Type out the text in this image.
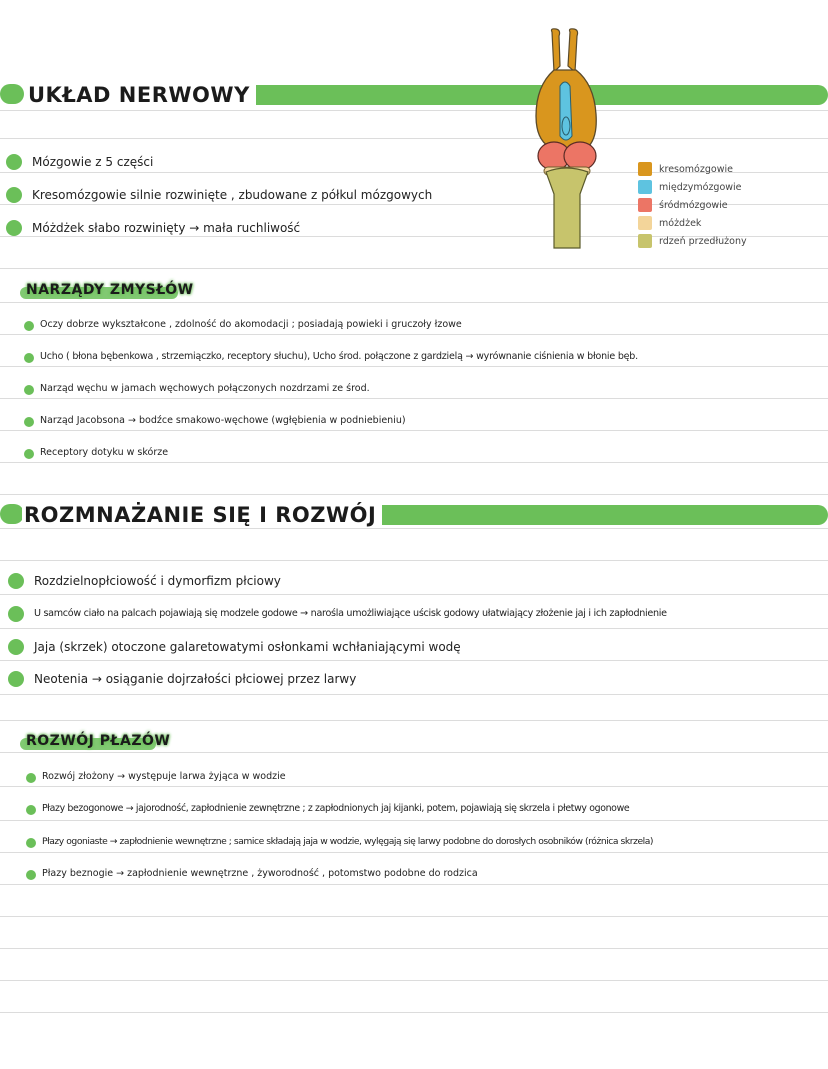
UKŁAD NERWOWY
Mózgowie z 5 części
Kresomózgowie silnie rozwinięte , zbudowane z półkul mózgowych
Móżdżek słabo rozwinięty → mała ruchliwość
kresomózgowie
międzymózgowie
śródmózgowie
móżdżek
rdzeń przedłużony
NARZĄDY ZMYSŁÓW
Oczy dobrze wykształcone , zdolność do akomodacji ; posiadają powieki i gruczoły łzowe
Ucho ( błona bębenkowa , strzemiączko, receptory słuchu), Ucho środ. połączone z gardzielą → wyrównanie ciśnienia w błonie bęb.
Narząd węchu w jamach węchowych połączonych nozdrzami ze środ.
Narząd Jacobsona → bodźce smakowo-węchowe (wgłębienia w podniebieniu)
Receptory dotyku w skórze
ROZMNAŻANIE SIĘ I ROZWÓJ
Rozdzielnopłciowość i dymorfizm płciowy
U samców ciało na palcach pojawiają się modzele godowe → narośla umożliwiające uścisk godowy ułatwiający złożenie jaj i ich zapłodnienie
Jaja (skrzek) otoczone galaretowatymi osłonkami wchłaniającymi wodę
Neotenia → osiąganie dojrzałości płciowej przez larwy
ROZWÓJ PŁAZÓW
Rozwój złożony → występuje larwa żyjąca w wodzie
Płazy bezogonowe → jajorodność, zapłodnienie zewnętrzne ; z zapłodnionych jaj kijanki, potem, pojawiają się skrzela i płetwy ogonowe
Płazy ogoniaste → zapłodnienie wewnętrzne ; samice składają jaja w wodzie, wylęgają się larwy podobne do dorosłych osobników (różnica skrzela)
Płazy beznogie → zapłodnienie wewnętrzne , żyworodność , potomstwo podobne do rodzica
